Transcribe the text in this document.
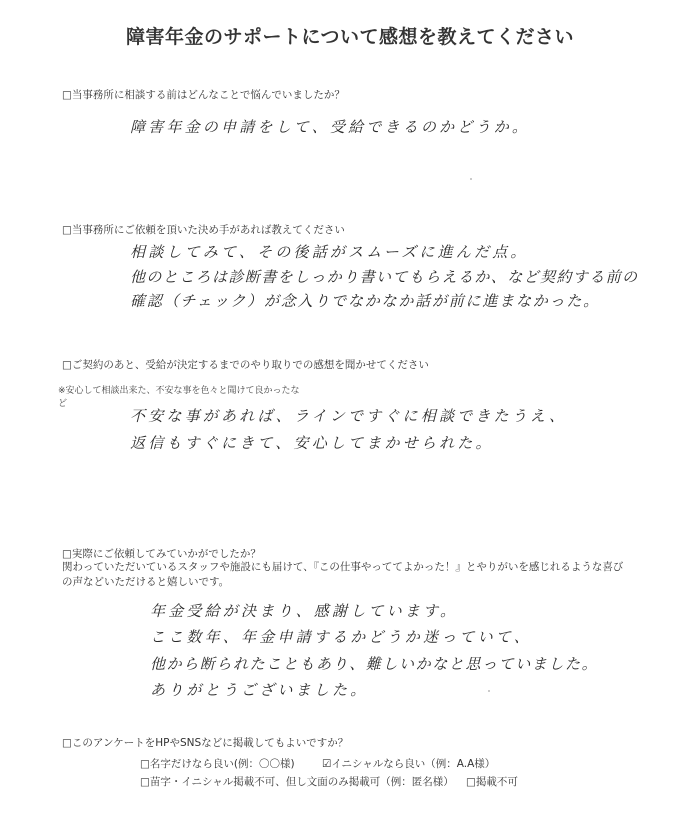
障害年金のサポートについて感想を教えてください
□当事務所に相談する前はどんなことで悩んでいましたか？
障害年金の申請をして、受給できるのかどうか。
□当事務所にご依頼を頂いた決め手があれば教えてください
相談してみて、その後話がスムーズに進んだ点。
他のところは診断書をしっかり書いてもらえるか、など契約する前の
確認（チェック）が念入りでなかなか話が前に進まなかった。
□ご契約のあと、受給が決定するまでのやり取りでの感想を聞かせてください
※安心して相談出来た、不安な事を色々と聞けて良かったな
ど
不安な事があれば、ラインですぐに相談できたうえ、
返信もすぐにきて、安心してまかせられた。
□実際にご依頼してみていかがでしたか？
関わっていただいているスタッフや施設にも届けて、『この仕事やっててよかった！』とやりがいを感じれるような喜び
の声などいただけると嬉しいです。
年金受給が決まり、感謝しています。
ここ数年、年金申請するかどうか迷っていて、
他から断られたこともあり、難しいかなと思っていました。
ありがとうございました。
□このアンケートをHPやSNSなどに掲載してもよいですか？
□名字だけなら良い(例：〇〇様)	☑イニシャルなら良い（例：A.A様）
□苗字・イニシャル掲載不可、但し文面のみ掲載可（例：匿名様） □掲載不可
